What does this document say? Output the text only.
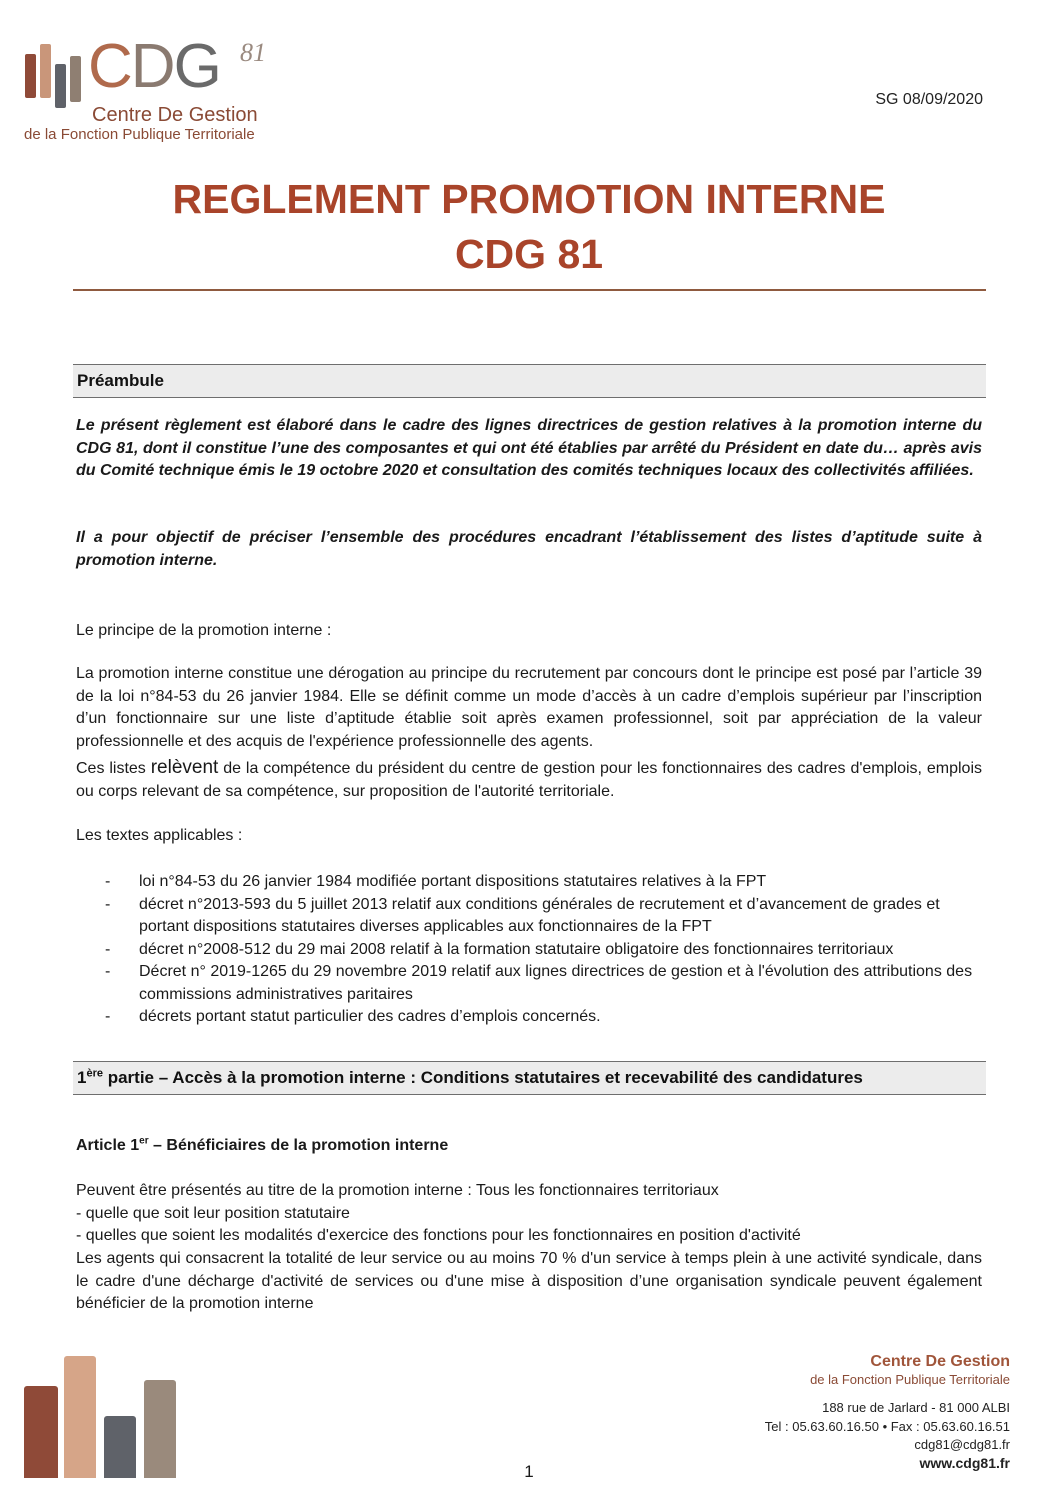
CDG 81
Centre De Gestion
de la Fonction Publique Territoriale
SG 08/09/2020
REGLEMENT PROMOTION INTERNE
CDG 81
Préambule
Le présent règlement est élaboré dans le cadre des lignes directrices de gestion relatives à la promotion interne du CDG 81, dont il constitue l’une des composantes et qui ont été établies par arrêté du Président en date du… après avis du Comité technique émis le 19 octobre 2020 et consultation des comités techniques locaux des collectivités affiliées.
Il a pour objectif de préciser l’ensemble des procédures encadrant l’établissement des listes d’aptitude suite à promotion interne.
Le principe de la promotion interne :
La promotion interne constitue une dérogation au principe du recrutement par concours dont le principe est posé par l’article 39 de la loi n°84-53 du 26 janvier 1984. Elle se définit comme un mode d’accès à un cadre d’emplois supérieur par l’inscription d’un fonctionnaire sur une liste d’aptitude établie soit après examen professionnel, soit par appréciation de la valeur professionnelle et des acquis de l'expérience professionnelle des agents.
Ces listes relèvent de la compétence du président du centre de gestion pour les fonctionnaires des cadres d'emplois, emplois ou corps relevant de sa compétence, sur proposition de l'autorité territoriale.
Les textes applicables :
- loi n°84-53 du 26 janvier 1984 modifiée portant dispositions statutaires relatives à la FPT
- décret n°2013-593 du 5 juillet 2013 relatif aux conditions générales de recrutement et d’avancement de grades et portant dispositions statutaires diverses applicables aux fonctionnaires de la FPT
- décret n°2008-512 du 29 mai 2008 relatif à la formation statutaire obligatoire des fonctionnaires territoriaux
- Décret n° 2019-1265 du 29 novembre 2019 relatif aux lignes directrices de gestion et à l'évolution des attributions des commissions administratives paritaires
- décrets portant statut particulier des cadres d’emplois concernés.
1ère partie – Accès à la promotion interne : Conditions statutaires et recevabilité des candidatures
Article 1er – Bénéficiaires de la promotion interne
Peuvent être présentés au titre de la promotion interne : Tous les fonctionnaires territoriaux
- quelle que soit leur position statutaire
- quelles que soient les modalités d'exercice des fonctions pour les fonctionnaires en position d'activité
Les agents qui consacrent la totalité de leur service ou au moins 70 % d'un service à temps plein à une activité syndicale, dans le cadre d'une décharge d'activité de services ou d'une mise à disposition d’une organisation syndicale peuvent également bénéficier de la promotion interne
Centre De Gestion
de la Fonction Publique Territoriale
188 rue de Jarlard - 81 000 ALBI
Tel : 05.63.60.16.50 • Fax : 05.63.60.16.51
cdg81@cdg81.fr
www.cdg81.fr
1
